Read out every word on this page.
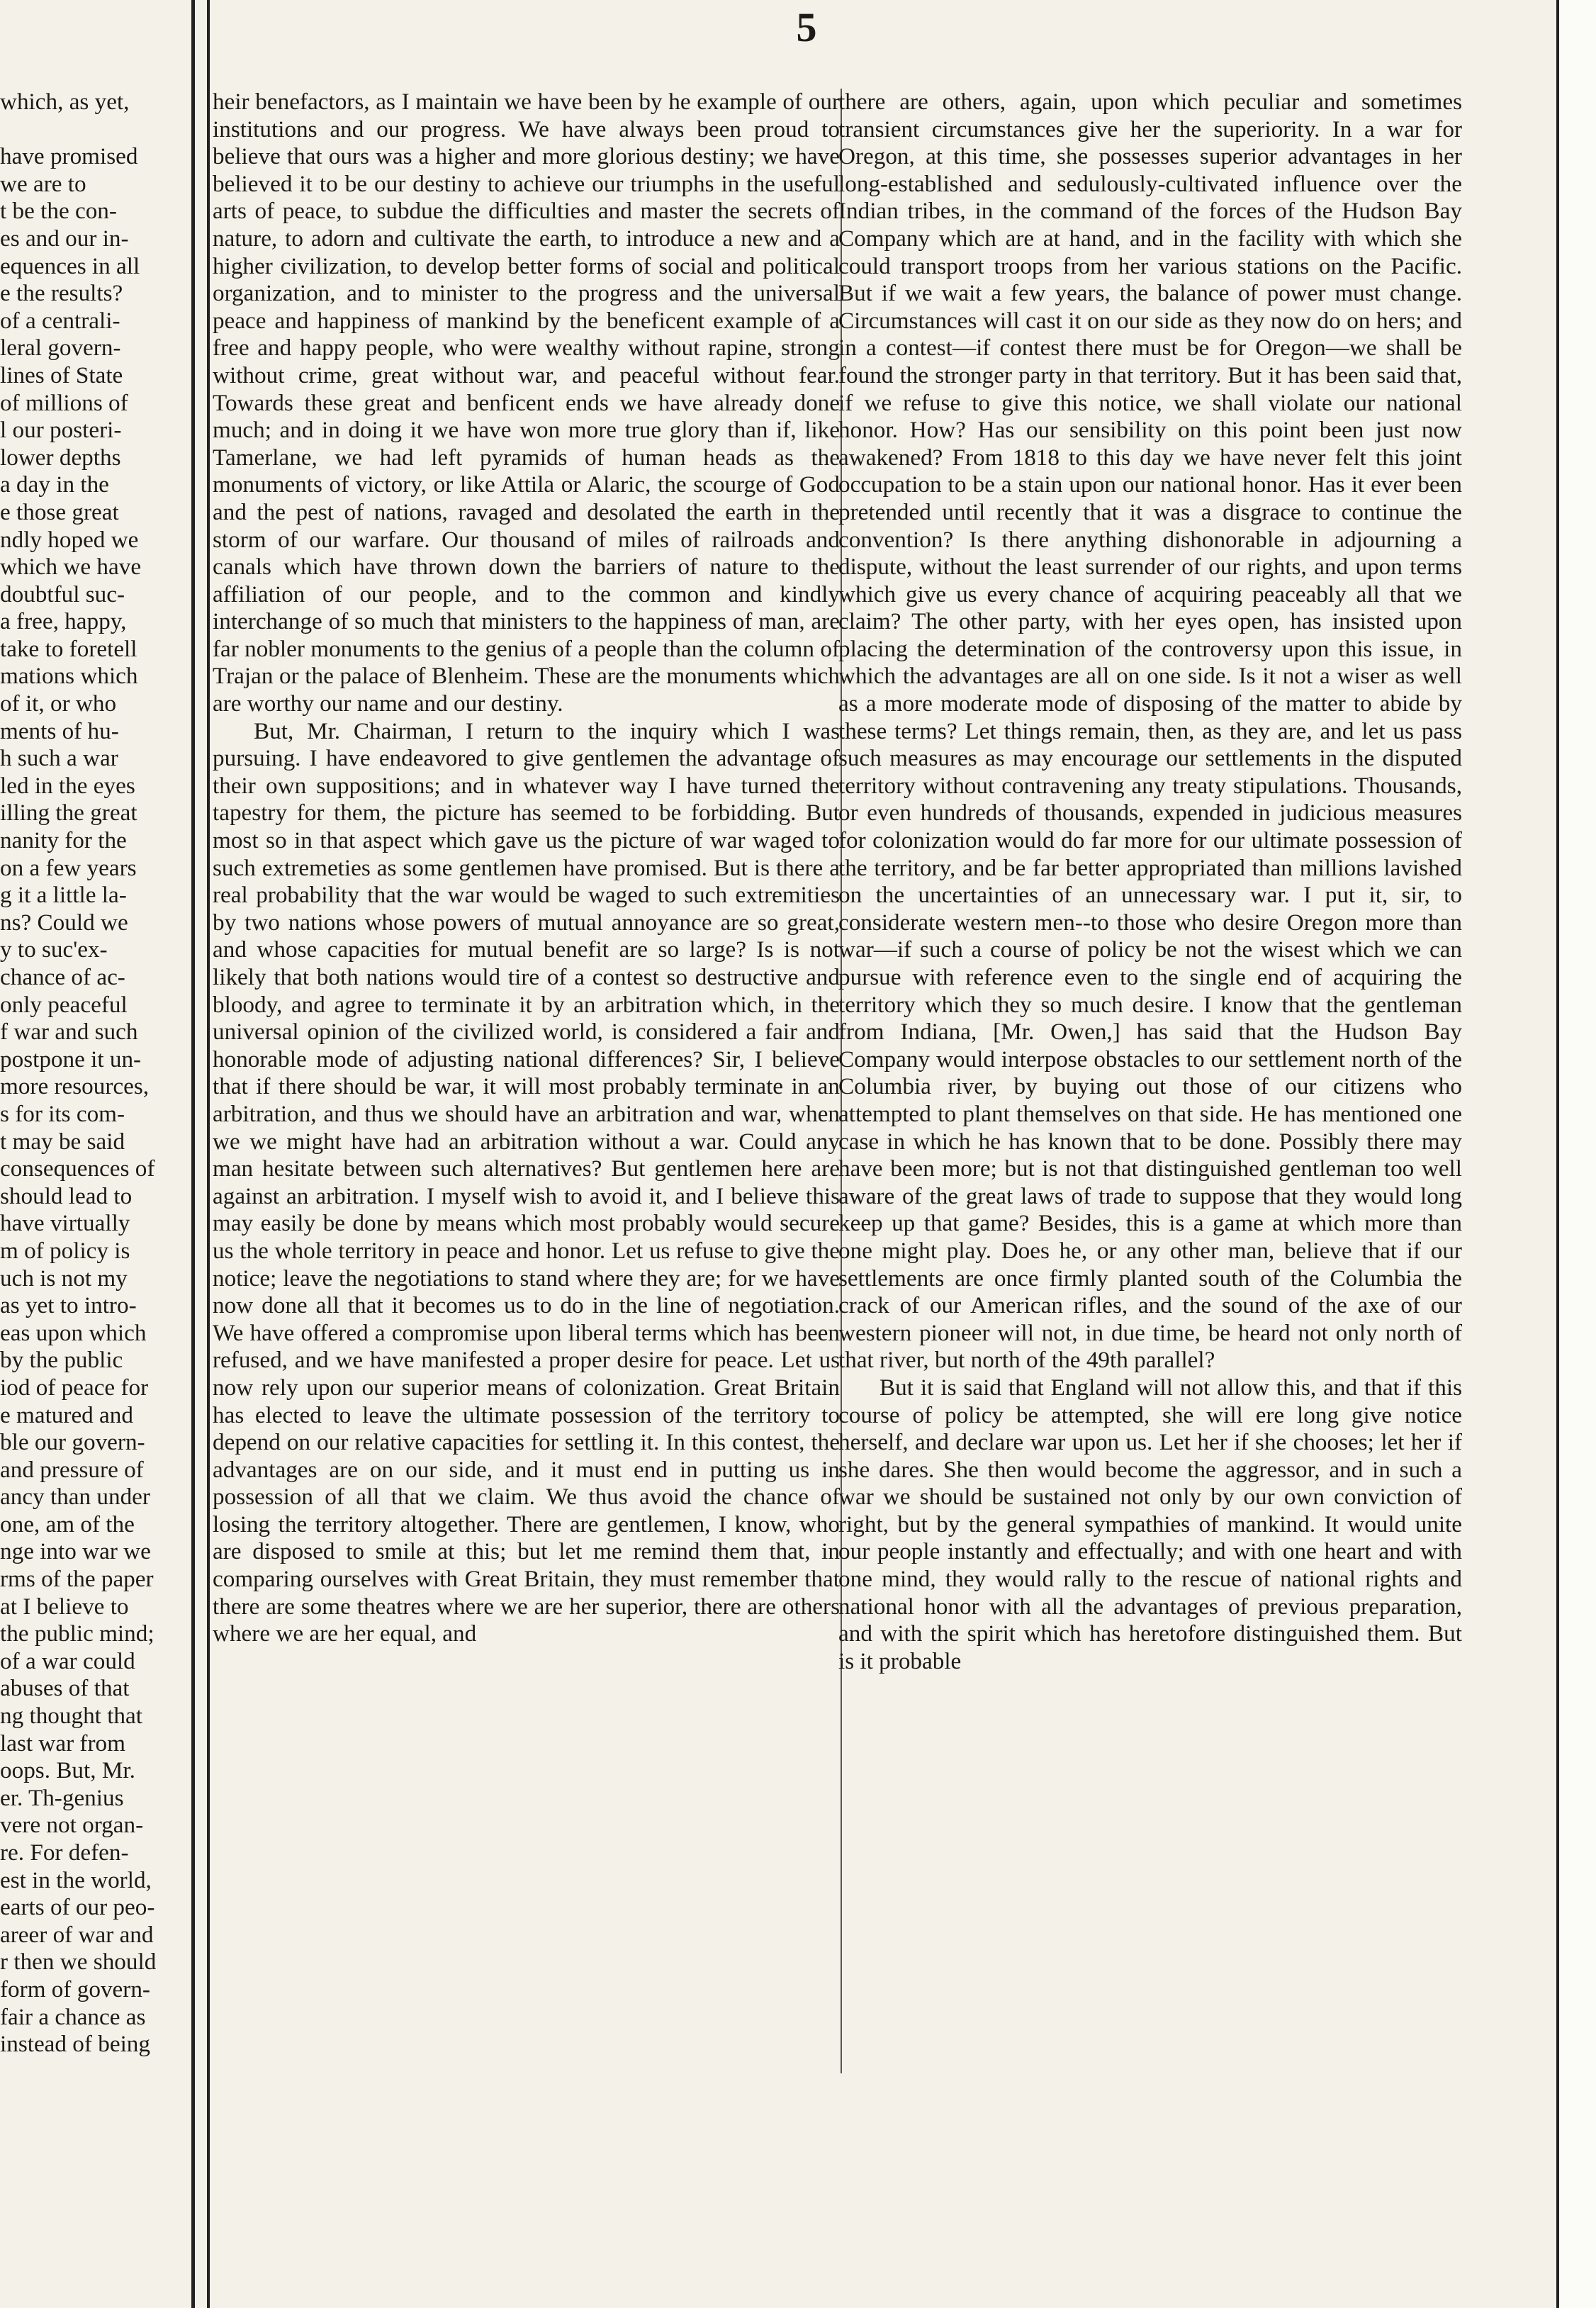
5
which, as yet,

have promised
we are to
t be the con-
es and our in-
equences in all
e the results?
of a centrali-
leral govern-
lines of State
of millions of
l our posteri-
lower depths
a day in the
e those great
ndly hoped we
which we have
doubtful suc-
a free, happy,
take to foretell
mations which
of it, or who
ments of hu-
h such a war
led in the eyes
illing the great
nanity for the
on a few years
g it a little la-
ns? Could we
y to suc'ex-
chance of ac-
only peaceful
f war and such
postpone it un-
more resources,
s for its com-
t may be said
consequences of
should lead to
have virtually
m of policy is
uch is not my
as yet to intro-
eas upon which
by the public
iod of peace for
e matured and
ble our govern-
and pressure of
ancy than under
one, am of the
nge into war we
rms of the paper
at I believe to
the public mind;
of a war could
abuses of that
ng thought that
last war from
oops. But, Mr.
er. Th-genius
vere not organ-
re. For defen-
est in the world,
earts of our peo-
areer of war and
r then we should
form of govern-
fair a chance as
instead of being

heir benefactors, as I maintain we have been by he example of our institutions and our progress. We have always been proud to believe that ours was a higher and more glorious destiny; we have believed it to be our destiny to achieve our triumphs in the useful arts of peace, to subdue the difficulties and master the secrets of nature, to adorn and cultivate the earth, to introduce a new and a higher civilization, to develop better forms of social and political organization, and to minister to the progress and the universal peace and happiness of mankind by the beneficent example of a free and happy people, who were wealthy without rapine, strong without crime, great without war, and peaceful without fear. Towards these great and benficent ends we have already done much; and in doing it we have won more true glory than if, like Tamerlane, we had left pyramids of human heads as the monuments of victory, or like Attila or Alaric, the scourge of God and the pest of nations, ravaged and desolated the earth in the storm of our warfare. Our thousand of miles of railroads and canals which have thrown down the barriers of nature to the affiliation of our people, and to the common and kindly interchange of so much that ministers to the happiness of man, are far nobler monuments to the genius of a people than the column of Trajan or the palace of Blenheim. These are the monuments which are worthy our name and our destiny.

But, Mr. Chairman, I return to the inquiry which I was pursuing. I have endeavored to give gentlemen the advantage of their own suppositions; and in whatever way I have turned the tapestry for them, the picture has seemed to be forbidding. But most so in that aspect which gave us the picture of war waged to such extremeties as some gentlemen have promised. But is there a real probability that the war would be waged to such extremities by two nations whose powers of mutual annoyance are so great, and whose capacities for mutual benefit are so large? Is is not likely that both nations would tire of a contest so destructive and bloody, and agree to terminate it by an arbitration which, in the universal opinion of the civilized world, is considered a fair and honorable mode of adjusting national differences? Sir, I believe that if there should be war, it will most probably terminate in an arbitration, and thus we should have an arbitration and war, when we we might have had an arbitration without a war. Could any man hesitate between such alternatives? But gentlemen here are against an arbitration. I myself wish to avoid it, and I believe this may easily be done by means which most probably would secure us the whole territory in peace and honor. Let us refuse to give the notice; leave the negotiations to stand where they are; for we have now done all that it becomes us to do in the line of negotiation. We have offered a compromise upon liberal terms which has been refused, and we have manifested a proper desire for peace. Let us now rely upon our superior means of colonization. Great Britain has elected to leave the ultimate possession of the territory to depend on our relative capacities for settling it. In this contest, the advantages are on our side, and it must end in putting us in possession of all that we claim. We thus avoid the chance of losing the territory altogether. There are gentlemen, I know, who are disposed to smile at this; but let me remind them that, in comparing ourselves with Great Britain, they must remember that there are some theatres where we are her superior, there are others where we are her equal, and

there are others, again, upon which peculiar and sometimes transient circumstances give her the superiority. In a war for Oregon, at this time, she possesses superior advantages in her long-established and sedulously-cultivated influence over the Indian tribes, in the command of the forces of the Hudson Bay Company which are at hand, and in the facility with which she could transport troops from her various stations on the Pacific. But if we wait a few years, the balance of power must change. Circumstances will cast it on our side as they now do on hers; and in a contest—if contest there must be for Oregon—we shall be found the stronger party in that territory. But it has been said that, if we refuse to give this notice, we shall violate our national honor. How? Has our sensibility on this point been just now awakened? From 1818 to this day we have never felt this joint occupation to be a stain upon our national honor. Has it ever been pretended until recently that it was a disgrace to continue the convention? Is there anything dishonorable in adjourning a dispute, without the least surrender of our rights, and upon terms which give us every chance of acquiring peaceably all that we claim? The other party, with her eyes open, has insisted upon placing the determination of the controversy upon this issue, in which the advantages are all on one side. Is it not a wiser as well as a more moderate mode of disposing of the matter to abide by these terms? Let things remain, then, as they are, and let us pass such measures as may encourage our settlements in the disputed territory without contravening any treaty stipulations. Thousands, or even hundreds of thousands, expended in judicious measures for colonization would do far more for our ultimate possession of the territory, and be far better appropriated than millions lavished on the uncertainties of an unnecessary war. I put it, sir, to considerate western men--to those who desire Oregon more than war—if such a course of policy be not the wisest which we can pursue with reference even to the single end of acquiring the territory which they so much desire. I know that the gentleman from Indiana, [Mr. Owen,] has said that the Hudson Bay Company would interpose obstacles to our settlement north of the Columbia river, by buying out those of our citizens who attempted to plant themselves on that side. He has mentioned one case in which he has known that to be done. Possibly there may have been more; but is not that distinguished gentleman too well aware of the great laws of trade to suppose that they would long keep up that game? Besides, this is a game at which more than one might play. Does he, or any other man, believe that if our settlements are once firmly planted south of the Columbia the crack of our American rifles, and the sound of the axe of our western pioneer will not, in due time, be heard not only north of that river, but north of the 49th parallel?

But it is said that England will not allow this, and that if this course of policy be attempted, she will ere long give notice herself, and declare war upon us. Let her if she chooses; let her if she dares. She then would become the aggressor, and in such a war we should be sustained not only by our own conviction of right, but by the general sympathies of mankind. It would unite our people instantly and effectually; and with one heart and with one mind, they would rally to the rescue of national rights and national honor with all the advantages of previous preparation, and with the spirit which has heretofore distinguished them. But is it probable
